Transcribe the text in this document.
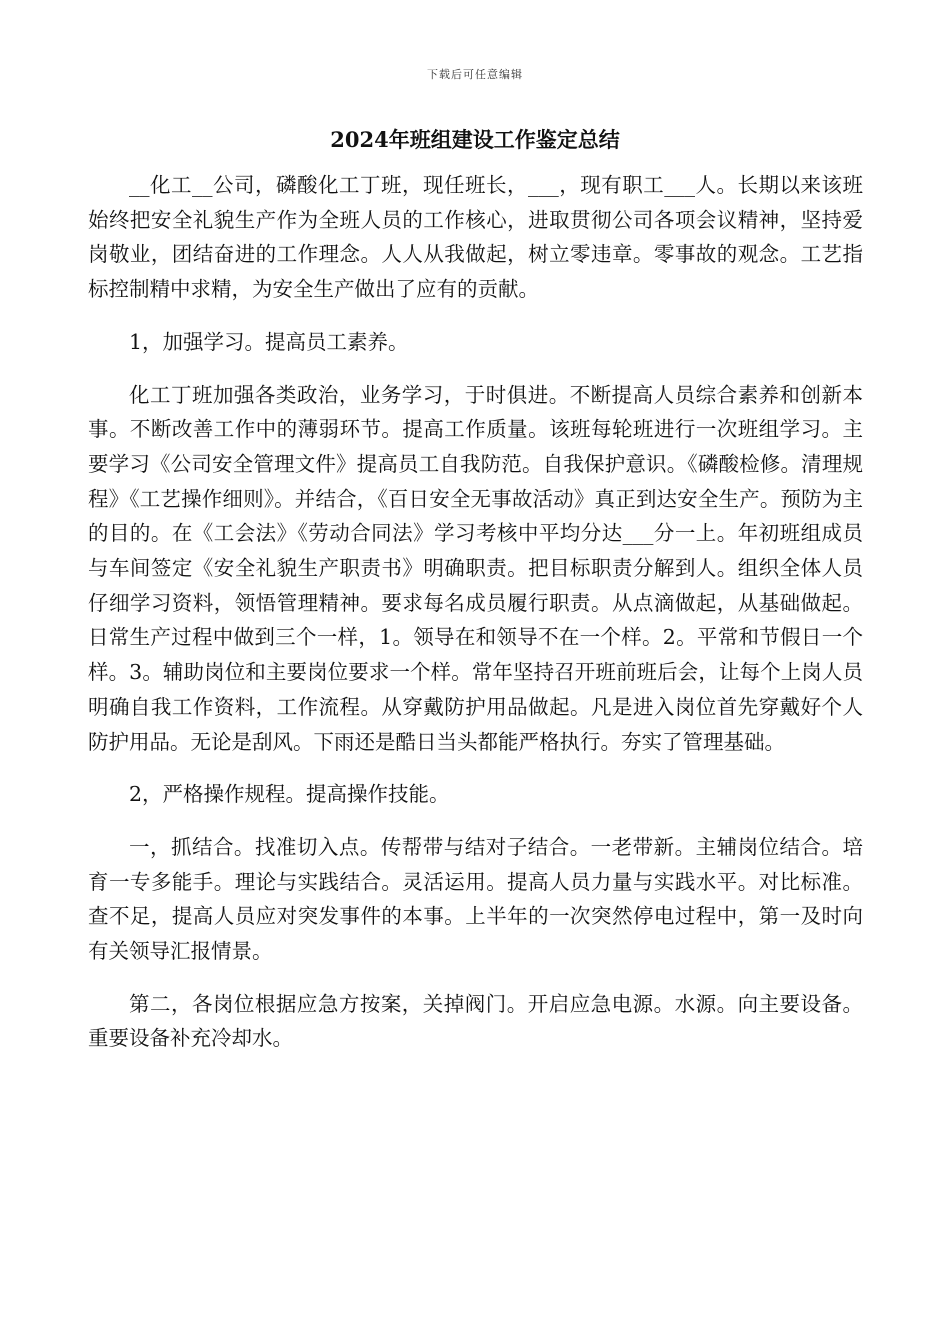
下载后可任意编辑
2024年班组建设工作鉴定总结

__化工__公司，磷酸化工丁班，现任班长，___，现有职工___人。长期以来该班始终把安全礼貌生产作为全班人员的工作核心，进取贯彻公司各项会议精神，坚持爱岗敬业，团结奋进的工作理念。人人从我做起，树立零违章。零事故的观念。工艺指标控制精中求精，为安全生产做出了应有的贡献。

1，加强学习。提高员工素养。

化工丁班加强各类政治，业务学习，于时俱进。不断提高人员综合素养和创新本事。不断改善工作中的薄弱环节。提高工作质量。该班每轮班进行一次班组学习。主要学习《公司安全管理文件》提高员工自我防范。自我保护意识。《磷酸检修。清理规程》《工艺操作细则》。并结合，《百日安全无事故活动》真正到达安全生产。预防为主的目的。在《工会法》《劳动合同法》学习考核中平均分达___分一上。年初班组成员与车间签定《安全礼貌生产职责书》明确职责。把目标职责分解到人。组织全体人员仔细学习资料，领悟管理精神。要求每名成员履行职责。从点滴做起，从基础做起。日常生产过程中做到三个一样，1。领导在和领导不在一个样。2。平常和节假日一个样。3。辅助岗位和主要岗位要求一个样。常年坚持召开班前班后会，让每个上岗人员明确自我工作资料，工作流程。从穿戴防护用品做起。凡是进入岗位首先穿戴好个人防护用品。无论是刮风。下雨还是酷日当头都能严格执行。夯实了管理基础。

2，严格操作规程。提高操作技能。

一，抓结合。找准切入点。传帮带与结对子结合。一老带新。主辅岗位结合。培育一专多能手。理论与实践结合。灵活运用。提高人员力量与实践水平。对比标准。查不足，提高人员应对突发事件的本事。上半年的一次突然停电过程中，第一及时向有关领导汇报情景。

第二，各岗位根据应急方按案，关掉阀门。开启应急电源。水源。向主要设备。重要设备补充冷却水。
